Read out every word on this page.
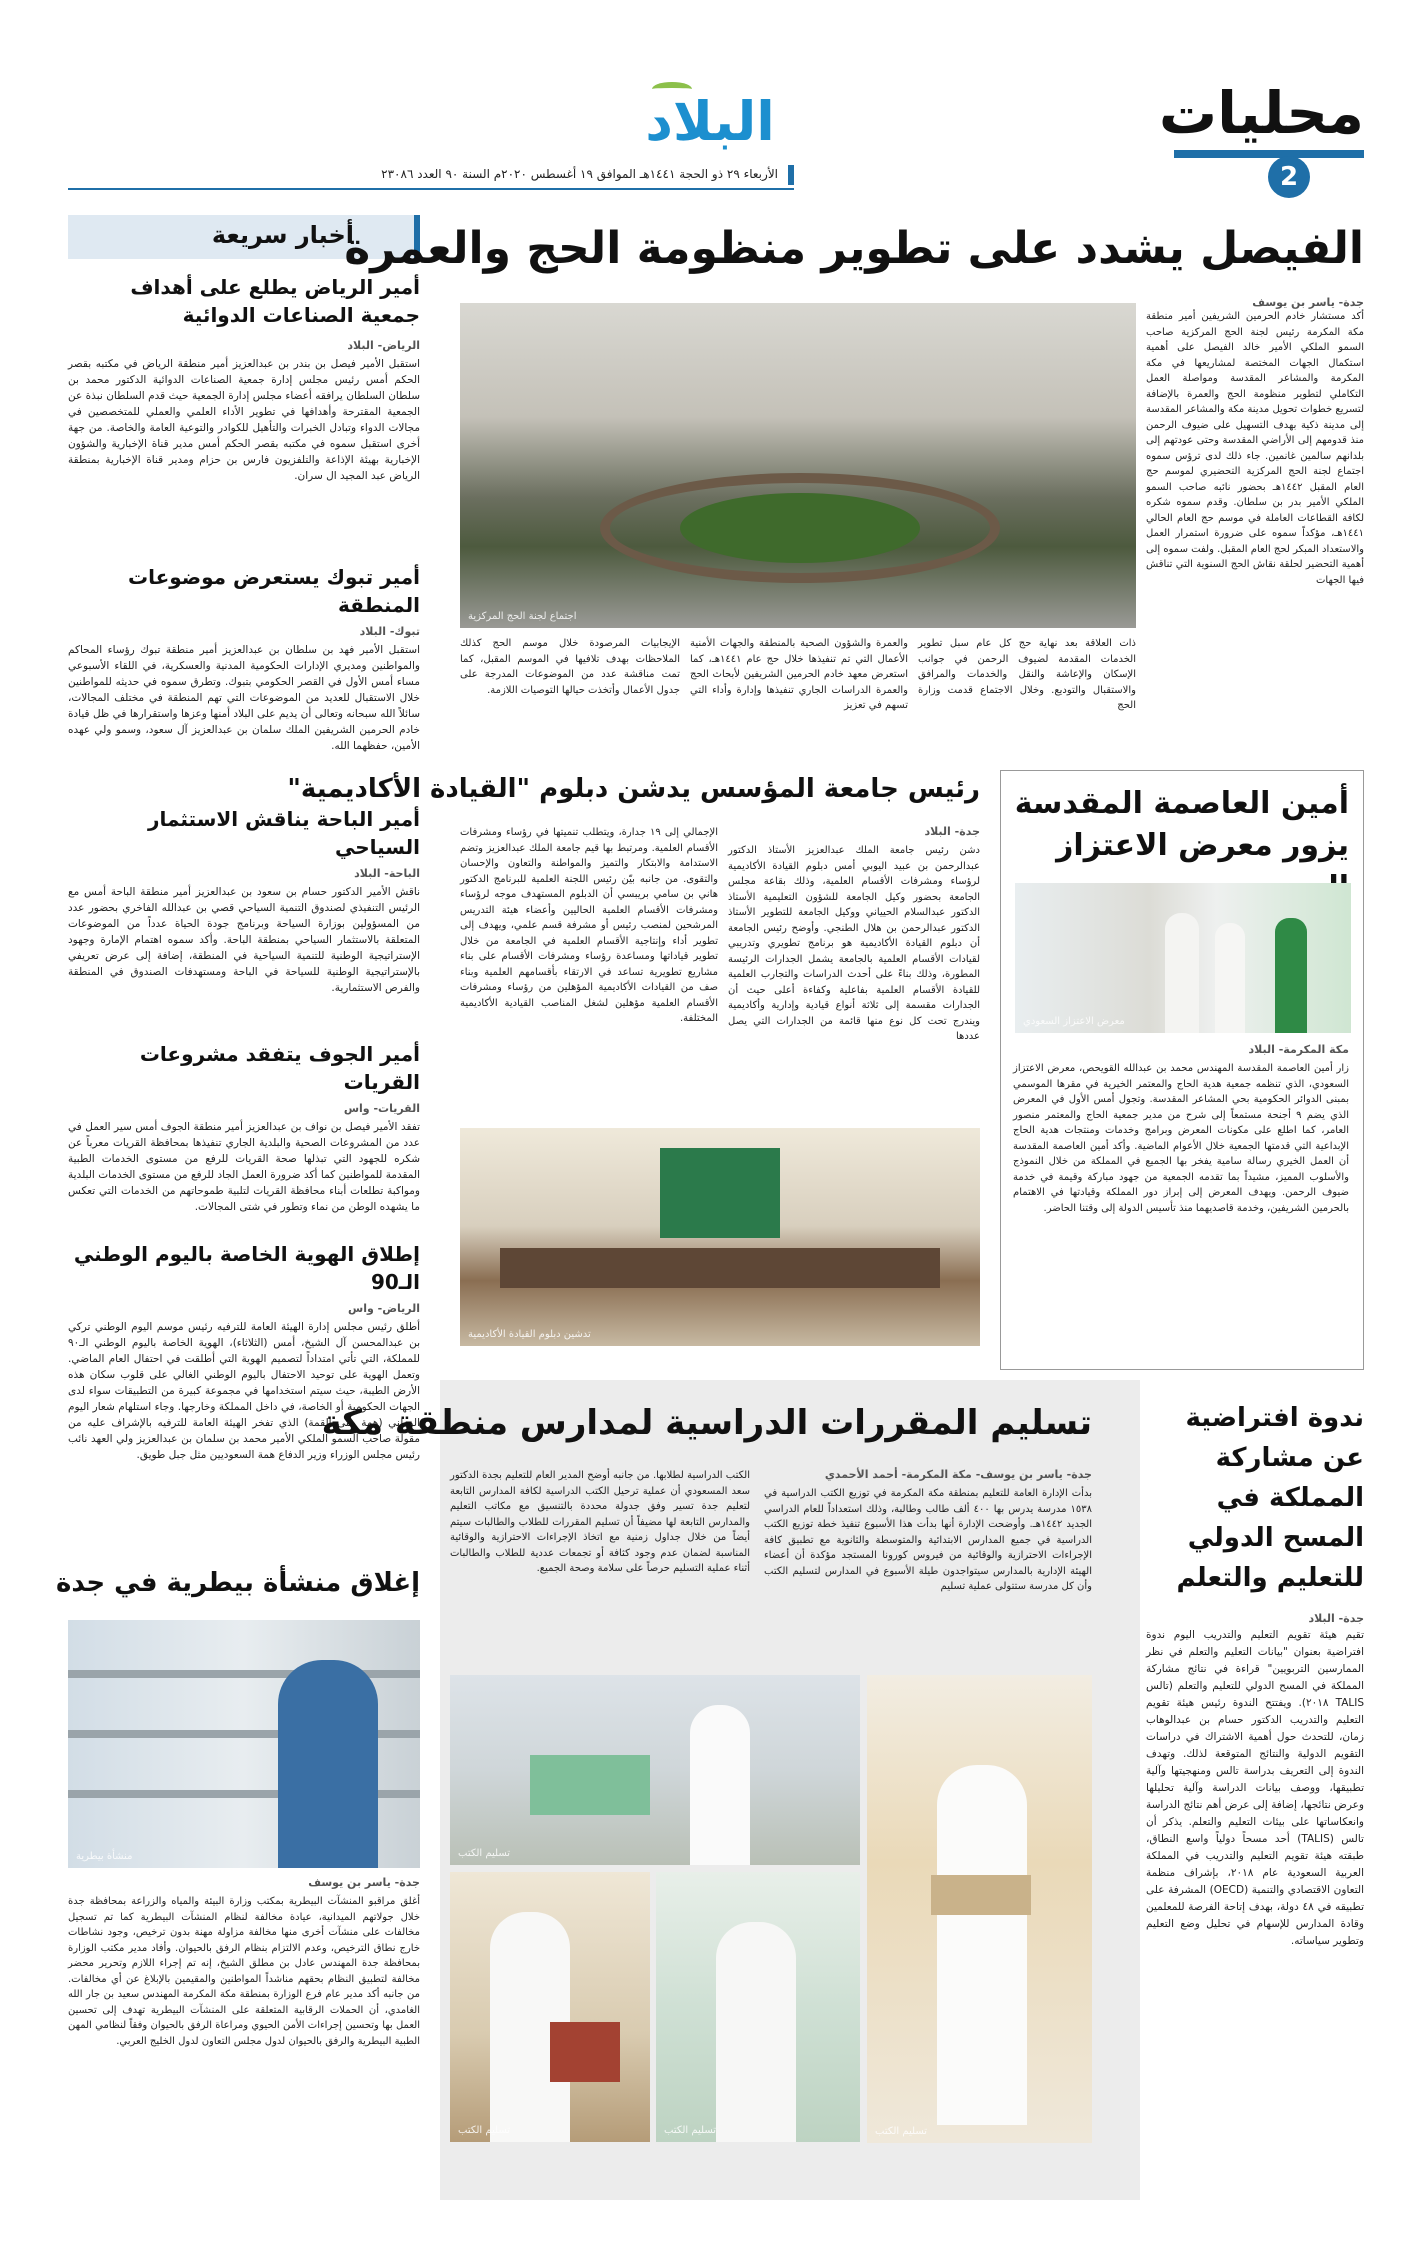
محليات
2
البلاد
الأربعاء ٢٩ ذو الحجة ١٤٤١هـ الموافق ١٩ أغسطس ٢٠٢٠م السنة ٩٠ العدد ٢٣٠٨٦
أخبار سريعة
أمير الرياض يطلع على أهداف جمعية الصناعات الدوائية
الرياض- البلاد
استقبل الأمير فيصل بن بندر بن عبدالعزيز أمير منطقة الرياض في مكتبه بقصر الحكم أمس رئيس مجلس إدارة جمعية الصناعات الدوائية الدكتور محمد بن سلطان السلطان يرافقه أعضاء مجلس إدارة الجمعية حيث قدم السلطان نبذة عن الجمعية المقترحة وأهدافها في تطوير الأداء العلمي والعملي للمتخصصين في مجالات الدواء وتبادل الخبرات والتأهيل للكوادر والتوعية العامة والخاصة. من جهة أخرى استقبل سموه في مكتبه بقصر الحكم أمس مدير قناة الإخبارية والشؤون الإخبارية بهيئة الإذاعة والتلفزيون فارس بن حزام ومدير قناة الإخبارية بمنطقة الرياض عبد المجيد ال سران.
أمير تبوك يستعرض موضوعات المنطقة
تبوك- البلاد
استقبل الأمير فهد بن سلطان بن عبدالعزيز أمير منطقة تبوك رؤساء المحاكم والمواطنين ومديري الإدارات الحكومية المدنية والعسكرية، في اللقاء الأسبوعي مساء أمس الأول في القصر الحكومي بتبوك. وتطرق سموه في حديثه للمواطنين خلال الاستقبال للعديد من الموضوعات التي تهم المنطقة في مختلف المجالات، سائلاً الله سبحانه وتعالى أن يديم على البلاد أمنها وعزها واستقرارها في ظل قيادة خادم الحرمين الشريفين الملك سلمان بن عبدالعزيز آل سعود، وسمو ولي عهده الأمين، حفظهما الله.
أمير الباحة يناقش الاستثمار السياحي
الباحة- البلاد
ناقش الأمير الدكتور حسام بن سعود بن عبدالعزيز أمير منطقة الباحة أمس مع الرئيس التنفيذي لصندوق التنمية السياحي قصي بن عبدالله الفاخري بحضور عدد من المسؤولين بوزارة السياحة وبرنامج جودة الحياة عدداً من الموضوعات المتعلقة بالاستثمار السياحي بمنطقة الباحة. وأكد سموه اهتمام الإمارة وجهود الإستراتيجية الوطنية للتنمية السياحية في المنطقة، إضافة إلى عرض تعريفي بالإستراتيجية الوطنية للسياحة في الباحة ومستهدفات الصندوق في المنطقة والفرص الاستثمارية.
أمير الجوف يتفقد مشروعات القريات
القريات- واس
تفقد الأمير فيصل بن نواف بن عبدالعزيز أمير منطقة الجوف أمس سير العمل في عدد من المشروعات الصحية والبلدية الجاري تنفيذها بمحافظة القريات معرباً عن شكره للجهود التي تبذلها صحة القريات للرفع من مستوى الخدمات الطبية المقدمة للمواطنين كما أكد ضرورة العمل الجاد للرفع من مستوى الخدمات البلدية ومواكبة تطلعات أبناء محافظة القريات لتلبية طموحاتهم من الخدمات التي تعكس ما يشهده الوطن من نماء وتطور في شتى المجالات.
إطلاق الهوية الخاصة باليوم الوطني الـ90
الرياض- واس
أطلق رئيس مجلس إدارة الهيئة العامة للترفيه رئيس موسم اليوم الوطني تركي بن عبدالمحسن آل الشيخ، أمس (الثلاثاء)، الهوية الخاصة باليوم الوطني الـ٩٠ للمملكة، التي تأتي امتداداً لتصميم الهوية التي أطلقت في احتفال العام الماضي. وتعمل الهوية على توحيد الاحتفال باليوم الوطني الغالي على قلوب سكان هذه الأرض الطيبة، حيث سيتم استخدامها في مجموعة كبيرة من التطبيقات سواء لدى الجهات الحكومية أو الخاصة، في داخل المملكة وخارجها. وجاء استلهام شعار اليوم الوطني (همة حتى القمة) الذي تفخر الهيئة العامة للترفيه بالإشراف عليه من مقولة صاحب السمو الملكي الأمير محمد بن سلمان بن عبدالعزيز ولي العهد نائب رئيس مجلس الوزراء وزير الدفاع همة السعوديين مثل جبل طويق.
الفيصل يشدد على تطوير منظومة الحج والعمرة
جدة- ياسر بن يوسف
أكد مستشار خادم الحرمين الشريفين أمير منطقة مكة المكرمة رئيس لجنة الحج المركزية صاحب السمو الملكي الأمير خالد الفيصل على أهمية استكمال الجهات المختصة لمشاريعها في مكة المكرمة والمشاعر المقدسة ومواصلة العمل التكاملي لتطوير منظومة الحج والعمرة بالإضافة لتسريع خطوات تحويل مدينة مكة والمشاعر المقدسة إلى مدينة ذكية بهدف التسهيل على ضيوف الرحمن منذ قدومهم إلى الأراضي المقدسة وحتى عودتهم إلى بلدانهم سالمين غانمين. جاء ذلك لدى ترؤس سموه اجتماع لجنة الحج المركزية التحضيري لموسم حج العام المقبل ١٤٤٢هـ بحضور نائبه صاحب السمو الملكي الأمير بدر بن سلطان. وقدم سموه شكره لكافة القطاعات العاملة في موسم حج العام الحالي ١٤٤١هـ، مؤكداً سموه على ضرورة استمرار العمل والاستعداد المبكر لحج العام المقبل. ولفت سموه إلى أهمية التحضير لحلقة نقاش الحج السنوية التي تناقش فيها الجهات
اجتماع لجنة الحج المركزية
ذات العلاقة بعد نهاية حج كل عام سبل تطوير الخدمات المقدمة لضيوف الرحمن في جوانب الإسكان والإعاشة والنقل والخدمات والمرافق والاستقبال والتوديع. وخلال الاجتماع قدمت وزارة الحج
والعمرة والشؤون الصحية بالمنطقة والجهات الأمنية الأعمال التي تم تنفيذها خلال حج عام ١٤٤١هـ، كما استعرض معهد خادم الحرمين الشريفين لأبحاث الحج والعمرة الدراسات الجاري تنفيذها وإدارة وأداء التي تسهم في تعزيز
الإيجابيات المرصودة خلال موسم الحج كذلك الملاحظات بهدف تلافيها في الموسم المقبل، كما تمت مناقشة عدد من الموضوعات المدرجة على جدول الأعمال وأتخذت حيالها التوصيات اللازمة.
أمين العاصمة المقدسة يزور معرض الاعتزاز
معرض الاعتزاز السعودي
مكة المكرمة- البلاد
زار أمين العاصمة المقدسة المهندس محمد بن عبدالله القويحص، معرض الاعتزاز السعودي، الذي تنظمه جمعية هدية الحاج والمعتمر الخيرية في مقرها الموسمي بمبنى الدوائر الحكومية بحي المشاعر المقدسة. وتجول أمس الأول في المعرض الذي يضم ٩ أجنحة مستمعاً إلى شرح من مدير جمعية الحاج والمعتمر منصور العامر، كما اطلع على مكونات المعرض وبرامج وخدمات ومنتجات هدية الحاج الإبداعية التي قدمتها الجمعية خلال الأعوام الماضية. وأكد أمين العاصمة المقدسة أن العمل الخيري رسالة سامية يفخر بها الجميع في المملكة من خلال النموذج والأسلوب المميز، مشيداً بما تقدمه الجمعية من جهود مباركة وقيمة في خدمة ضيوف الرحمن. ويهدف المعرض إلى إبراز دور المملكة وقيادتها في الاهتمام بالحرمين الشريفين، وخدمة قاصديهما منذ تأسيس الدولة إلى وقتنا الحاضر.
رئيس جامعة المؤسس يدشن دبلوم "القيادة الأكاديمية"
جدة- البلاد
دشن رئيس جامعة الملك عبدالعزيز الأستاذ الدكتور عبدالرحمن بن عبيد اليوبي أمس دبلوم القيادة الأكاديمية لرؤساء ومشرفات الأقسام العلمية، وذلك بقاعة مجلس الجامعة بحضور وكيل الجامعة للشؤون التعليمية الأستاذ الدكتور عبدالسلام الحيياني ووكيل الجامعة للتطوير الأستاذ الدكتور عبدالرحمن بن هلال الطنجي. وأوضح رئيس الجامعة أن دبلوم القيادة الأكاديمية هو برنامج تطويري وتدريبي لقيادات الأقسام العلمية بالجامعة يشمل الجدارات الرئيسة المطورة، وذلك بناءً على أحدث الدراسات والتجارب العلمية للقيادة الأقسام العلمية بفاعلية وكفاءة أعلى حيث أن الجدارات مقسمة إلى ثلاثة أنواع قيادية وإدارية وأكاديمية ويندرج تحت كل نوع منها قائمة من الجدارات التي يصل عددها
الإجمالي إلى ١٩ جدارة، ويتطلب تنميتها في رؤساء ومشرفات الأقسام العلمية. ومرتبط بها قيم جامعة الملك عبدالعزيز وتضم الاستدامة والابتكار والتميز والمواطنة والتعاون والإحسان والتقوى. من جانبه بيّن رئيس اللجنة العلمية للبرنامج الدكتور هاني بن سامي بريبسي أن الدبلوم المستهدف موجه لرؤساء ومشرفات الأقسام العلمية الحاليين وأعضاء هيئة التدريس المرشحين لمنصب رئيس أو مشرفة قسم علمي، ويهدف إلى تطوير أداء وإنتاجية الأقسام العلمية في الجامعة من خلال تطوير قياداتها ومساعدة رؤساء ومشرفات الأقسام على بناء مشاريع تطويرية تساعد في الارتقاء بأقسامهم العلمية وبناء صف من القيادات الأكاديمية المؤهلين من رؤساء ومشرفات الأقسام العلمية مؤهلين لشغل المناصب القيادية الأكاديمية المختلفة.
تدشين دبلوم القيادة الأكاديمية
ندوة افتراضية عن مشاركة المملكة في المسح الدولي للتعليم والتعلم
جدة- البلاد
تقيم هيئة تقويم التعليم والتدريب اليوم ندوة افتراضية بعنوان "بيانات التعليم والتعلم في نظر الممارسين التربويين" قراءة في نتائج مشاركة المملكة في المسح الدولي للتعليم والتعلم (تالس TALIS ٢٠١٨). ويفتتح الندوة رئيس هيئة تقويم التعليم والتدريب الدكتور حسام بن عبدالوهاب زمان، للتحدث حول أهمية الاشتراك في دراسات التقويم الدولية والنتائج المتوقعة لذلك. وتهدف الندوة إلى التعريف بدراسة تالس ومنهجيتها وآلية تطبيقها، ووصف بيانات الدراسة وآلية تحليلها وعرض نتائجها، إضافة إلى عرض أهم نتائج الدراسة وانعكاساتها على بيئات التعليم والتعلم. يذكر أن تالس (TALIS) أحد مسحاً دولياً واسع النطاق، طبقته هيئة تقويم التعليم والتدريب في المملكة العربية السعودية عام ٢٠١٨، بإشراف منظمة التعاون الاقتصادي والتنمية (OECD) المشرفة على تطبيقه في ٤٨ دولة، بهدف إتاحة الفرصة للمعلمين وقادة المدارس للإسهام في تحليل وضع التعليم وتطوير سياساته.
تسليم المقررات الدراسية لمدارس منطقة مكة
جدة- ياسر بن يوسف- مكة المكرمة- أحمد الأحمدي
بدأت الإدارة العامة للتعليم بمنطقة مكة المكرمة في توزيع الكتب الدراسية في ١٥٣٨ مدرسة يدرس بها ٤٠٠ ألف طالب وطالبة، وذلك استعداداً للعام الدراسي الجديد ١٤٤٢هـ. وأوضحت الإدارة أنها بدأت هذا الأسبوع تنفيذ خطة توزيع الكتب الدراسية في جميع المدارس الابتدائية والمتوسطة والثانوية مع تطبيق كافة الإجراءات الاحترازية والوقائية من فيروس كورونا المستجد مؤكدة أن أعضاء الهيئة الإدارية بالمدارس سيتواجدون طيلة الأسبوع في المدارس لتسليم الكتب وأن كل مدرسة ستتولى عملية تسليم
الكتب الدراسية لطلابها. من جانبه أوضح المدير العام للتعليم بجدة الدكتور سعد المسعودي أن عملية ترحيل الكتب الدراسية لكافة المدارس التابعة لتعليم جدة تسير وفق جدولة محددة بالتنسيق مع مكاتب التعليم والمدارس التابعة لها مضيفاً أن تسليم المقررات للطلاب والطالبات سيتم أيضاً من خلال جداول زمنية مع اتخاذ الإجراءات الاحترازية والوقائية المناسبة لضمان عدم وجود كثافة أو تجمعات عددية للطلاب والطالبات أثناء عملية التسليم حرصاً على سلامة وصحة الجميع.
تسليم الكتب
تسليم الكتب
تسليم الكتب
تسليم الكتب
إغلاق منشأة بيطرية في جدة
منشأة بيطرية
جدة- ياسر بن يوسف
أغلق مراقبو المنشآت البيطرية بمكتب وزارة البيئة والمياه والزراعة بمحافظة جدة خلال جولاتهم الميدانية، عيادة مخالفة لنظام المنشآت البيطرية كما تم تسجيل مخالفات على منشآت أخرى منها مخالفة مزاولة مهنة بدون ترخيص، وجود نشاطات خارج نطاق الترخيص، وعدم الالتزام بنظام الرفق بالحيوان. وأفاد مدير مكتب الوزارة بمحافظة جدة المهندس عادل بن مطلق الشيخ، إنه تم إجراء اللازم وتحرير محضر مخالفة لتطبيق النظام بحقهم مناشداً المواطنين والمقيمين بالإبلاغ عن أي مخالفات. من جانبه أكد مدير عام فرع الوزارة بمنطقة مكة المكرمة المهندس سعيد بن جار الله الغامدي، أن الحملات الرقابية المتعلقة على المنشآت البيطرية تهدف إلى تحسين العمل بها وتحسين إجراءات الأمن الحيوي ومراعاة الرفق بالحيوان وفقاً لنظامي المهن الطبية البيطرية والرفق بالحيوان لدول مجلس التعاون لدول الخليج العربي.
